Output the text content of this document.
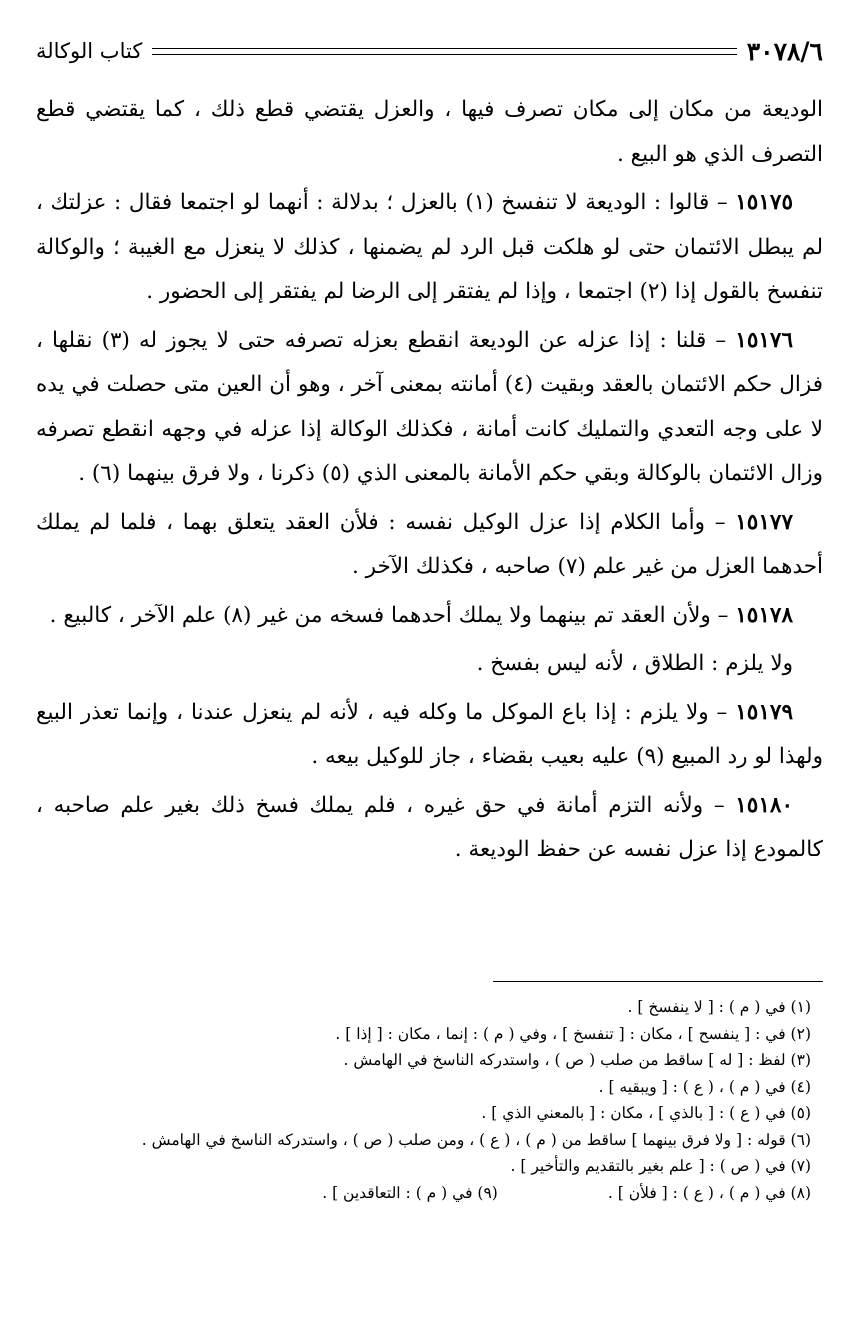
٣٠٧٨/٦
كتاب الوكالة

الوديعة من مكان إلى مكان تصرف فيها ، والعزل يقتضي قطع ذلك ، كما يقتضي قطع التصرف الذي هو البيع .

١٥١٧٥ – قالوا : الوديعة لا تنفسخ (١) بالعزل ؛ بدلالة : أنهما لو اجتمعا فقال : عزلتك ، لم يبطل الائتمان حتى لو هلكت قبل الرد لم يضمنها ، كذلك لا ينعزل مع الغيبة ؛ والوكالة تنفسخ بالقول إذا (٢) اجتمعا ، وإذا لم يفتقر إلى الرضا لم يفتقر إلى الحضور .

١٥١٧٦ – قلنا : إذا عزله عن الوديعة انقطع بعزله تصرفه حتى لا يجوز له (٣) نقلها ، فزال حكم الائتمان بالعقد وبقيت (٤) أمانته بمعنى آخر ، وهو أن العين متى حصلت في يده لا على وجه التعدي والتمليك كانت أمانة ، فكذلك الوكالة إذا عزله في وجهه انقطع تصرفه وزال الائتمان بالوكالة وبقي حكم الأمانة بالمعنى الذي (٥) ذكرنا ، ولا فرق بينهما (٦) .

١٥١٧٧ – وأما الكلام إذا عزل الوكيل نفسه : فلأن العقد يتعلق بهما ، فلما لم يملك أحدهما العزل من غير علم (٧) صاحبه ، فكذلك الآخر .

١٥١٧٨ – ولأن العقد تم بينهما ولا يملك أحدهما فسخه من غير (٨) علم الآخر ، كالبيع .

ولا يلزم : الطلاق ، لأنه ليس بفسخ .

١٥١٧٩ – ولا يلزم : إذا باع الموكل ما وكله فيه ، لأنه لم ينعزل عندنا ، وإنما تعذر البيع ولهذا لو رد المبيع (٩) عليه بعيب بقضاء ، جاز للوكيل بيعه .

١٥١٨٠ – ولأنه التزم أمانة في حق غيره ، فلم يملك فسخ ذلك بغير علم صاحبه ، كالمودع إذا عزل نفسه عن حفظ الوديعة .

(١) في ( م ) : [ لا ينفسخ ] .

(٢) في : [ ينفسح ] ، مكان : [ تنفسخ ] ، وفي ( م ) : إنما ، مكان : [ إذا ] .

(٣) لفظ : [ له ] ساقط من صلب ( ص ) ، واستدركه الناسخ في الهامش .

(٤) في ( م ) ، ( ع ) : [ ويبقيه ] .

(٥) في ( ع ) : [ بالذي ] ، مكان : [ بالمعني الذي ] .

(٦) قوله : [ ولا فرق بينهما ] ساقط من ( م ) ، ( ع ) ، ومن صلب ( ص ) ، واستدركه الناسخ في الهامش .

(٧) في ( ص ) : [ علم بغير بالتقديم والتأخير ] .

(٨) في ( م ) ، ( ع ) : [ فلأن ] .
(٩) في ( م ) : التعاقدين ] .
